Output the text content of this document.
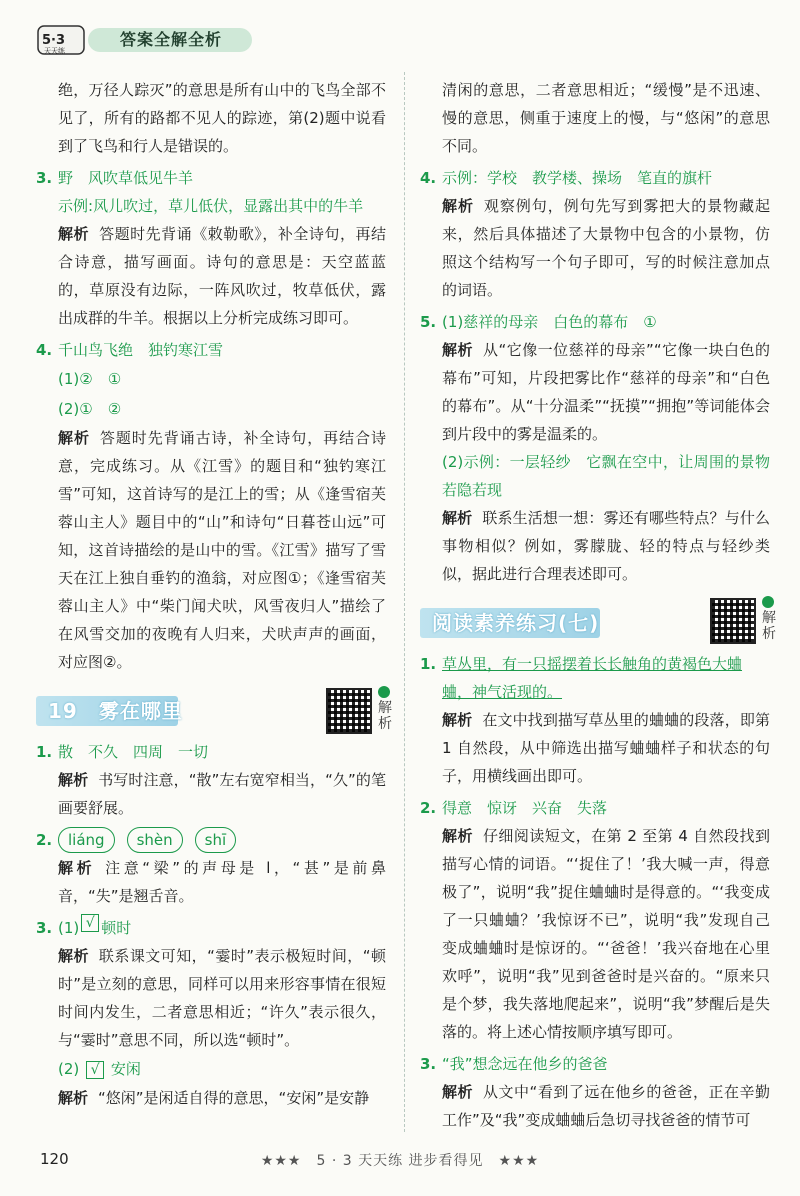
5·3
天天练
答案全解全析
绝，万径人踪灭”的意思是所有山中的飞鸟全部不见了，所有的路都不见人的踪迹，第(2)题中说看到了飞鸟和行人是错误的。
3. 野　风吹草低见牛羊
示例:风儿吹过，草儿低伏，显露出其中的牛羊
解析 答题时先背诵《敕勒歌》，补全诗句，再结合诗意，描写画面。诗句的意思是：天空蓝蓝的，草原没有边际，一阵风吹过，牧草低伏，露出成群的牛羊。根据以上分析完成练习即可。
4. 千山鸟飞绝　独钓寒江雪
(1)②　①
(2)①　②
解析 答题时先背诵古诗，补全诗句，再结合诗意，完成练习。从《江雪》的题目和“独钓寒江雪”可知，这首诗写的是江上的雪；从《逢雪宿芙蓉山主人》题目中的“山”和诗句“日暮苍山远”可知，这首诗描绘的是山中的雪。《江雪》描写了雪天在江上独自垂钓的渔翁，对应图①；《逢雪宿芙蓉山主人》中“柴门闻犬吠，风雪夜归人”描绘了在风雪交加的夜晚有人归来，犬吠声声的画面，对应图②。
19　 雾在哪里	解析
1. 散　不久　四周　一切
解析 书写时注意，“散”左右宽窄相当，“久”的笔画要舒展。
2.	liáng	shèn	shī
解析 注意“梁”的声母是 l，“甚”是前鼻音，“失”是翘舌音。
3. (1) √ 顿时
解析 联系课文可知，“霎时”表示极短时间，“顿时”是立刻的意思，同样可以用来形容事情在很短时间内发生，二者意思相近；“许久”表示很久，与“霎时”意思不同，所以选“顿时”。
(2) √ 安闲
解析 “悠闲”是闲适自得的意思，“安闲”是安静
清闲的意思，二者意思相近；“缓慢”是不迅速、慢的意思，侧重于速度上的慢，与“悠闲”的意思不同。
4. 示例：学校　教学楼、操场　笔直的旗杆
解析 观察例句，例句先写到雾把大的景物藏起来，然后具体描述了大景物中包含的小景物，仿照这个结构写一个句子即可，写的时候注意加点的词语。
5. (1)慈祥的母亲　白色的幕布　①
解析 从“它像一位慈祥的母亲”“它像一块白色的幕布”可知，片段把雾比作“慈祥的母亲”和“白色的幕布”。从“十分温柔”“抚摸”“拥抱”等词能体会到片段中的雾是温柔的。
(2)示例：一层轻纱　它飘在空中，让周围的景物若隐若现
解析 联系生活想一想：雾还有哪些特点？与什么事物相似？例如，雾朦胧、轻的特点与轻纱类似，据此进行合理表述即可。
阅读素养练习(七)	解析
1. 草丛里，有一只摇摆着长长触角的黄褐色大蛐蛐，神气活现的。
解析 在文中找到描写草丛里的蛐蛐的段落，即第 1 自然段，从中筛选出描写蛐蛐样子和状态的句子，用横线画出即可。
2. 得意　惊讶　兴奋　失落
解析 仔细阅读短文，在第 2 至第 4 自然段找到描写心情的词语。“‘捉住了！’我大喊一声，得意极了”，说明“我”捉住蛐蛐时是得意的。“‘我变成了一只蛐蛐？’我惊讶不已”，说明“我”发现自己变成蛐蛐时是惊讶的。“‘爸爸！’我兴奋地在心里欢呼”，说明“我”见到爸爸时是兴奋的。“原来只是个梦，我失落地爬起来”，说明“我”梦醒后是失落的。将上述心情按顺序填写即可。
3. “我”想念远在他乡的爸爸
解析 从文中“看到了远在他乡的爸爸，正在辛勤工作”及“我”变成蛐蛐后急切寻找爸爸的情节可
★★★　5 · 3 天天练 进步看得见　★★★
120
